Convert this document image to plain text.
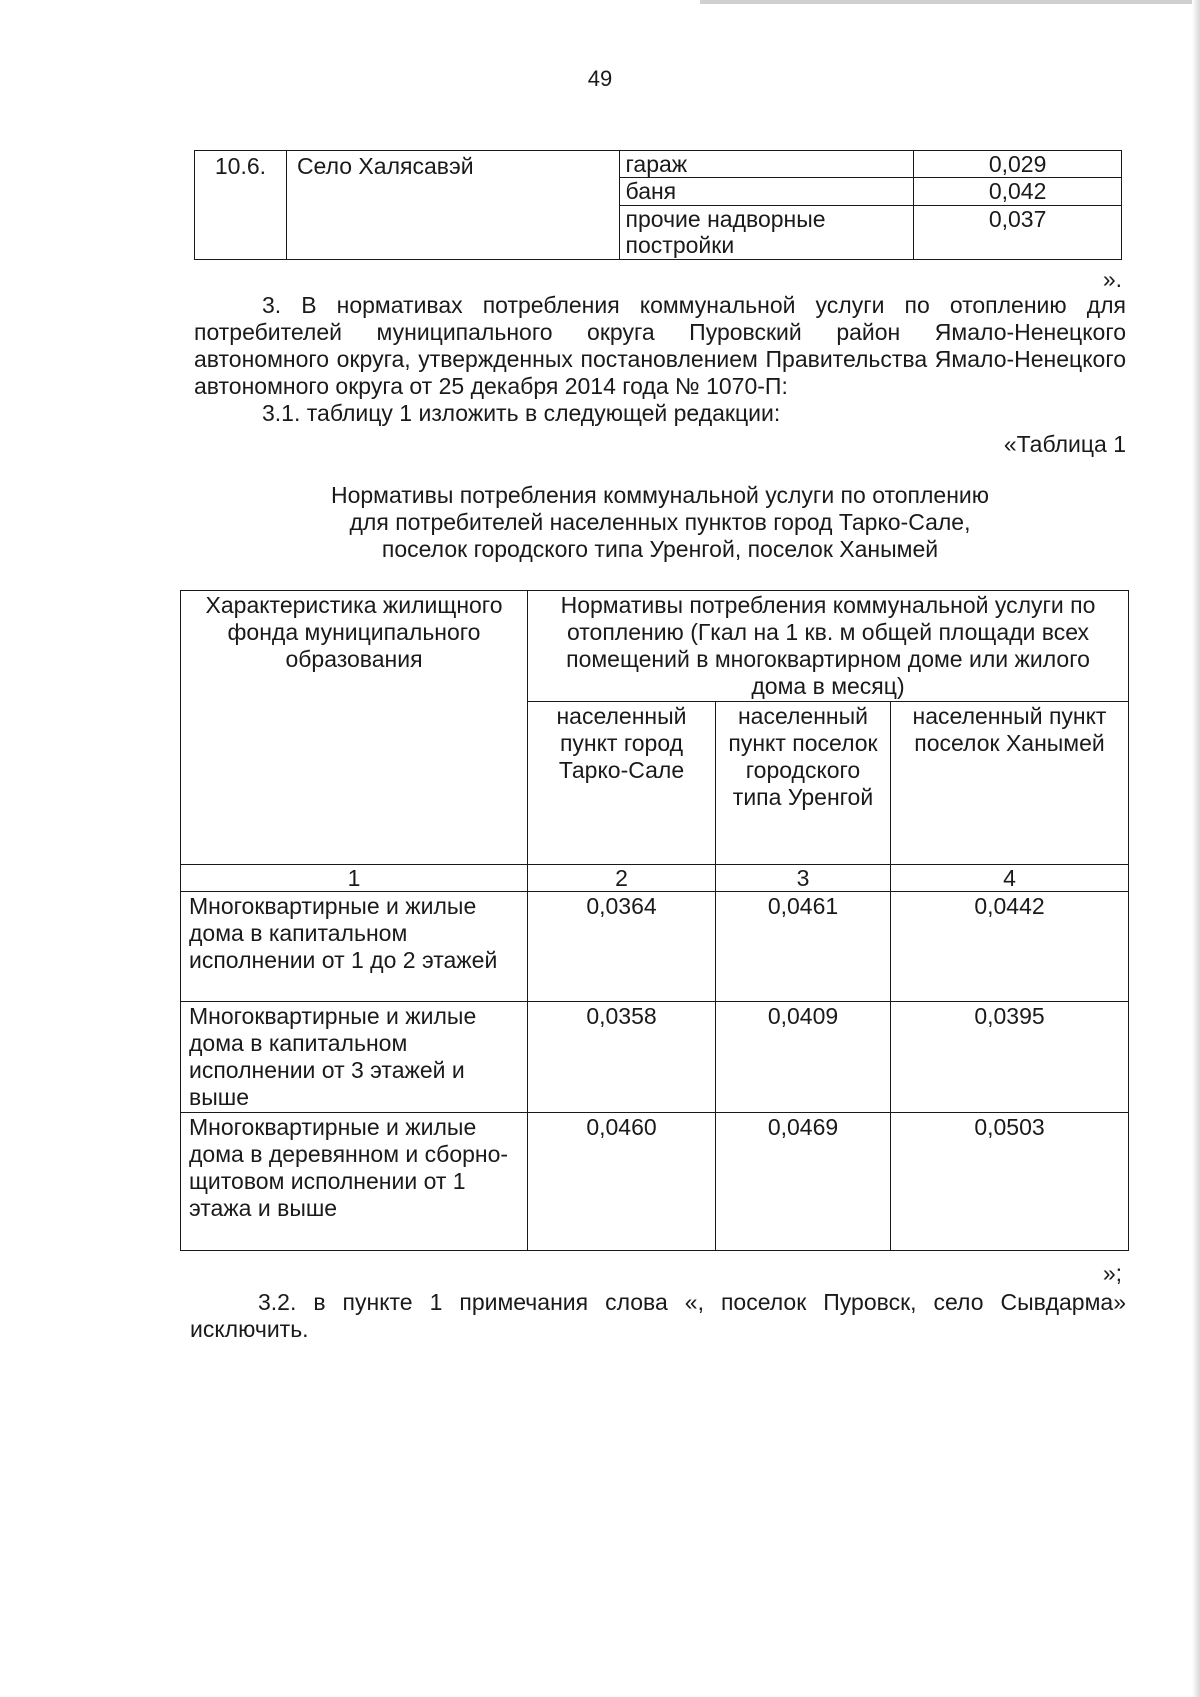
49
10.6.	Село Халясавэй	гараж	0,029
		баня	0,042
		прочие надворные постройки	0,037
».
3. В нормативах потребления коммунальной услуги по отоплению для потребителей муниципального округа Пуровский район Ямало-Ненецкого автономного округа, утвержденных постановлением Правительства Ямало-Ненецкого автономного округа от 25 декабря 2014 года № 1070-П:
3.1. таблицу 1 изложить в следующей редакции:
«Таблица 1
Нормативы потребления коммунальной услуги по отоплению
для потребителей населенных пунктов город Тарко-Сале,
поселок городского типа Уренгой, поселок Ханымей
Характеристика жилищного фонда муниципального образования	Нормативы потребления коммунальной услуги по отоплению (Гкал на 1 кв. м общей площади всех помещений в многоквартирном доме или жилого дома в месяц)		
	населенный пункт город Тарко-Сале	населенный пункт поселок городского типа Уренгой	населенный пункт поселок Ханымей
1	2	3	4
Многоквартирные и жилые дома в капитальном исполнении от 1 до 2 этажей	0,0364	0,0461	0,0442
Многоквартирные и жилые дома в капитальном исполнении от 3 этажей и выше	0,0358	0,0409	0,0395
Многоквартирные и жилые дома в деревянном и сборно-щитовом исполнении от 1 этажа и выше	0,0460	0,0469	0,0503
»;
3.2. в пункте 1 примечания слова «, поселок Пуровск, село Сывдарма» исключить.
